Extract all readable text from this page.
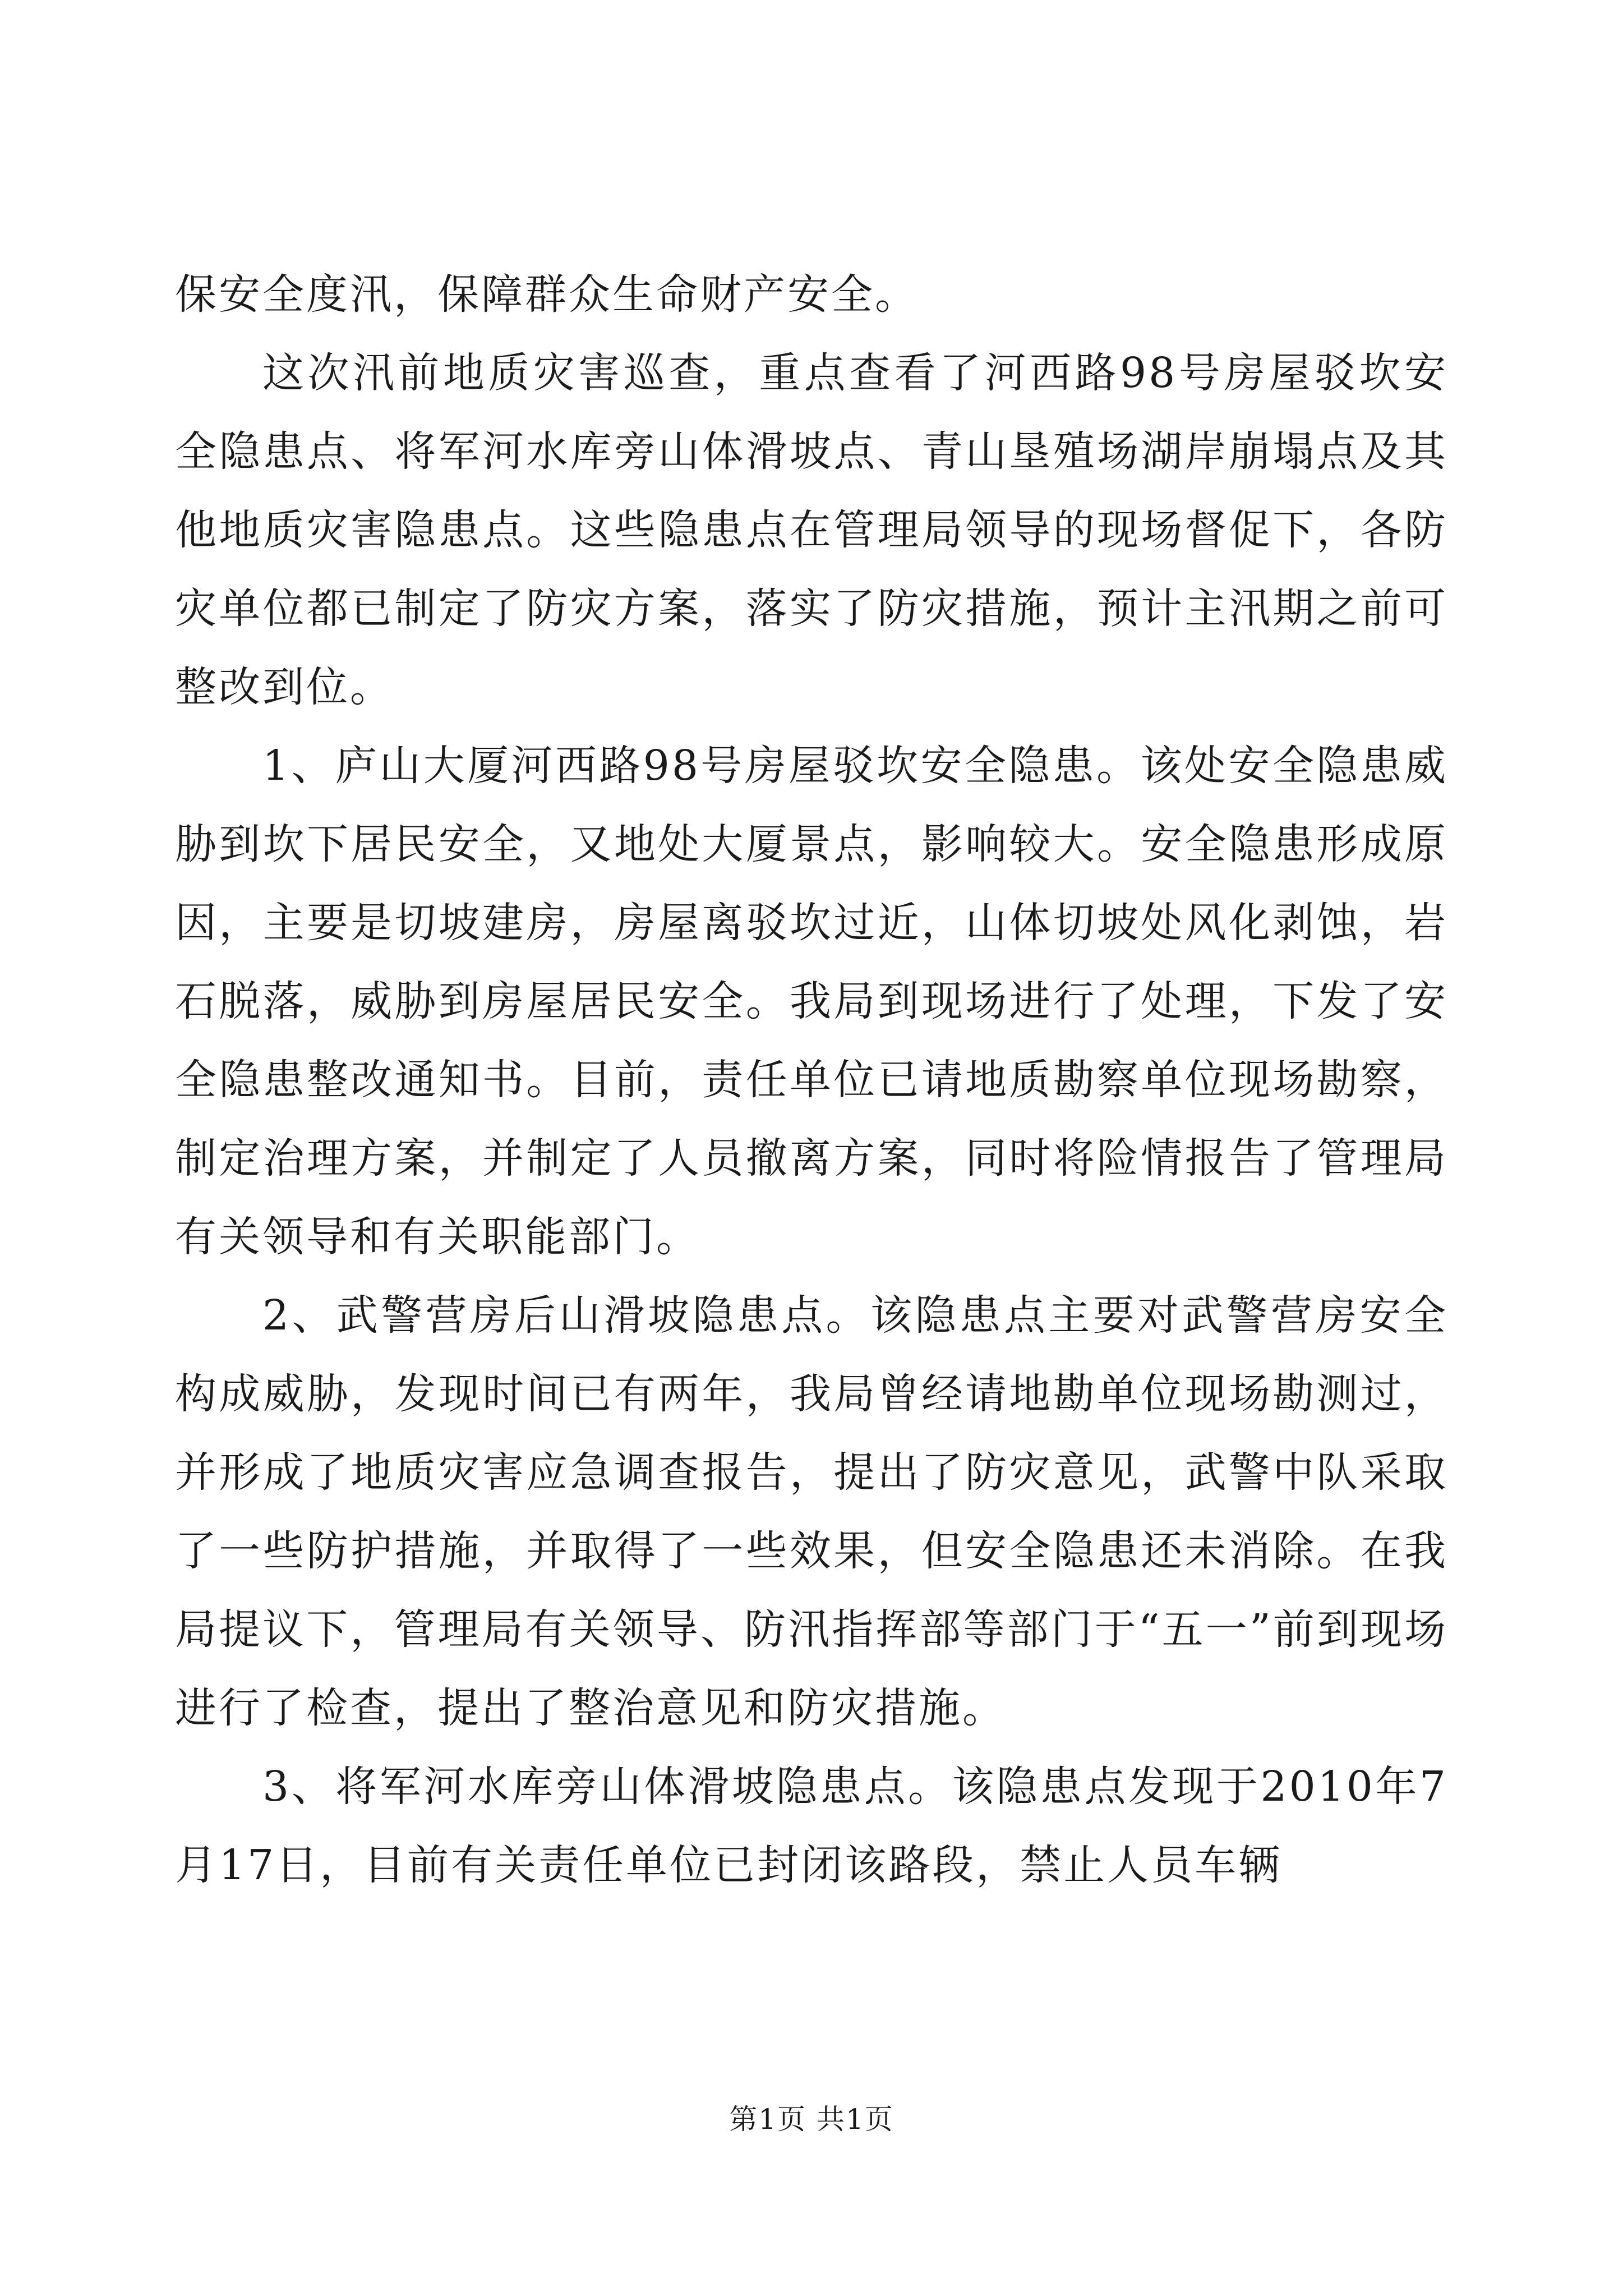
保安全度汛，保障群众生命财产安全。

这次汛前地质灾害巡查，重点查看了河西路98号房屋驳坎安全隐患点、将军河水库旁山体滑坡点、青山垦殖场湖岸崩塌点及其他地质灾害隐患点。这些隐患点在管理局领导的现场督促下，各防灾单位都已制定了防灾方案，落实了防灾措施，预计主汛期之前可整改到位。

1、庐山大厦河西路98号房屋驳坎安全隐患。该处安全隐患威胁到坎下居民安全，又地处大厦景点，影响较大。安全隐患形成原因，主要是切坡建房，房屋离驳坎过近，山体切坡处风化剥蚀，岩石脱落，威胁到房屋居民安全。我局到现场进行了处理，下发了安全隐患整改通知书。目前，责任单位已请地质勘察单位现场勘察，制定治理方案，并制定了人员撤离方案，同时将险情报告了管理局有关领导和有关职能部门。

2、武警营房后山滑坡隐患点。该隐患点主要对武警营房安全构成威胁，发现时间已有两年，我局曾经请地勘单位现场勘测过，并形成了地质灾害应急调查报告，提出了防灾意见，武警中队采取了一些防护措施，并取得了一些效果，但安全隐患还未消除。在我局提议下，管理局有关领导、防汛指挥部等部门于“五一”前到现场进行了检查，提出了整治意见和防灾措施。

3、将军河水库旁山体滑坡隐患点。该隐患点发现于2010年7月17日，目前有关责任单位已封闭该路段，禁止人员车辆

第1页 共1页
